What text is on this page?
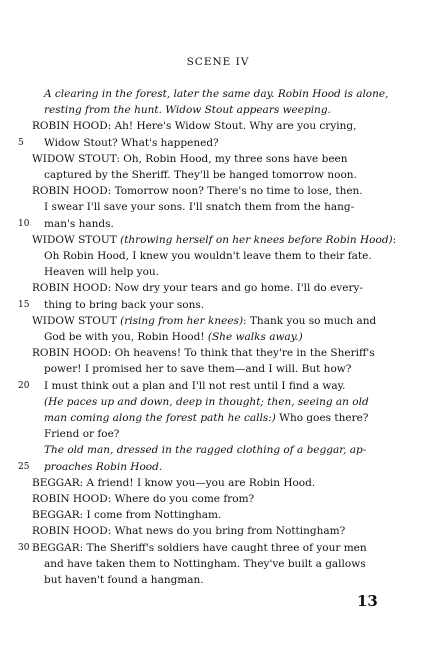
SCENE IV
A clearing in the forest, later the same day. Robin Hood is alone,
resting from the hunt. Widow Stout appears weeping.
ROBIN HOOD: Ah! Here's Widow Stout. Why are you crying,
Widow Stout? What's happened?
5
WIDOW STOUT: Oh, Robin Hood, my three sons have been
captured by the Sheriff. They'll be hanged tomorrow noon.
ROBIN HOOD: Tomorrow noon? There's no time to lose, then.
I swear I'll save your sons. I'll snatch them from the hang-
man's hands.
10
WIDOW STOUT (throwing herself on her knees before Robin Hood):
Oh Robin Hood, I knew you wouldn't leave them to their fate.
Heaven will help you.
ROBIN HOOD: Now dry your tears and go home. I'll do every-
thing to bring back your sons.
15
WIDOW STOUT (rising from her knees): Thank you so much and
God be with you, Robin Hood! (She walks away.)
ROBIN HOOD: Oh heavens! To think that they're in the Sheriff's
power! I promised her to save them—and I will. But how?
I must think out a plan and I'll not rest until I find a way.
20
(He paces up and down, deep in thought; then, seeing an old
man coming along the forest path he calls:) Who goes there?
Friend or foe?
The old man, dressed in the ragged clothing of a beggar, ap-
proaches Robin Hood.
25
BEGGAR: A friend! I know you—you are Robin Hood.
ROBIN HOOD: Where do you come from?
BEGGAR: I come from Nottingham.
ROBIN HOOD: What news do you bring from Nottingham?
BEGGAR: The Sheriff's soldiers have caught three of your men
30
and have taken them to Nottingham. They've built a gallows
but haven't found a hangman.
13
